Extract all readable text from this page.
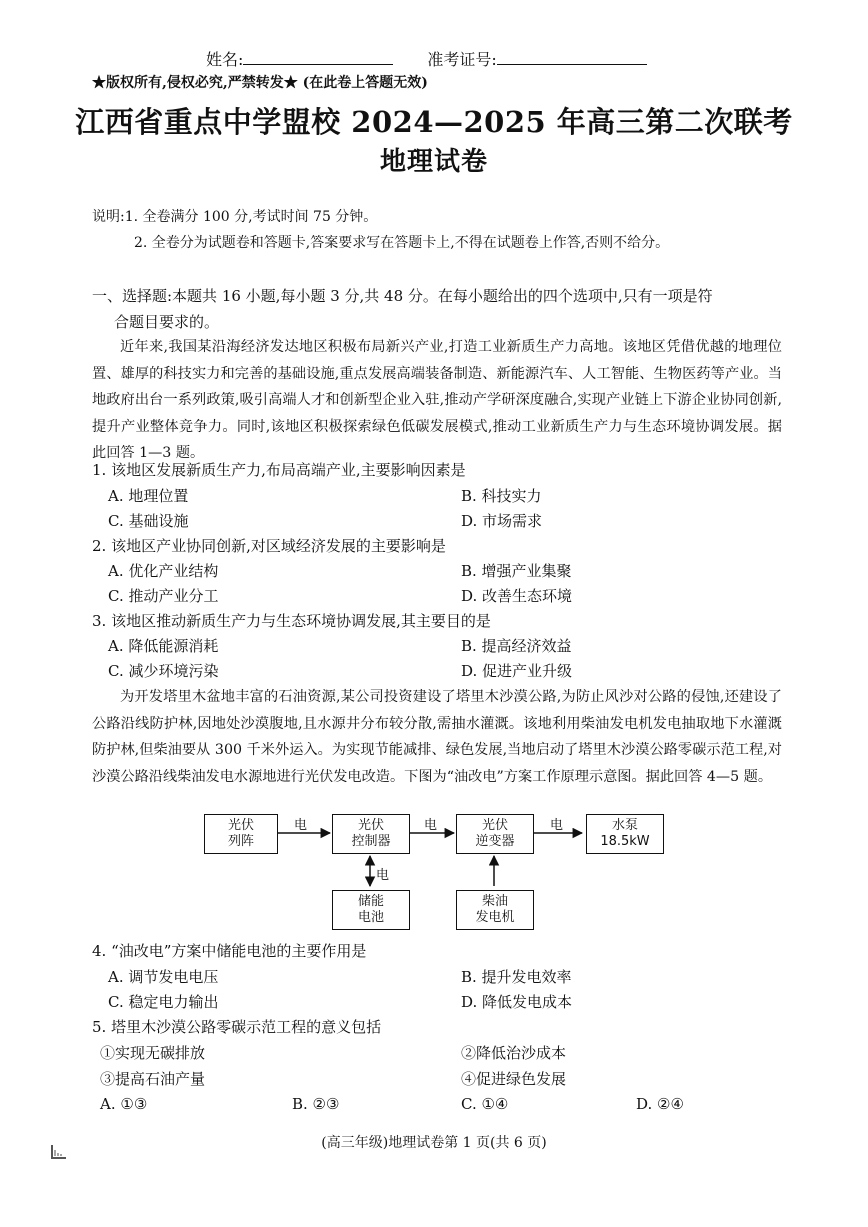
姓名:	准考证号:
★版权所有,侵权必究,严禁转发★ (在此卷上答题无效)
江西省重点中学盟校 2024—2025 年高三第二次联考
地理试卷
说明:1. 全卷满分 100 分,考试时间 75 分钟。
2. 全卷分为试题卷和答题卡,答案要求写在答题卡上,不得在试题卷上作答,否则不给分。
一、选择题:本题共 16 小题,每小题 3 分,共 48 分。在每小题给出的四个选项中,只有一项是符
合题目要求的。

近年来,我国某沿海经济发达地区积极布局新兴产业,打造工业新质生产力高地。该地区凭借优越的地理位置、雄厚的科技实力和完善的基础设施,重点发展高端装备制造、新能源汽车、人工智能、生物医药等产业。当地政府出台一系列政策,吸引高端人才和创新型企业入驻,推动产学研深度融合,实现产业链上下游企业协同创新,提升产业整体竞争力。同时,该地区积极探索绿色低碳发展模式,推动工业新质生产力与生态环境协调发展。据此回答 1—3 题。

1. 该地区发展新质生产力,布局高端产业,主要影响因素是
A. 地理位置	B. 科技实力
C. 基础设施	D. 市场需求
2. 该地区产业协同创新,对区域经济发展的主要影响是
A. 优化产业结构	B. 增强产业集聚
C. 推动产业分工	D. 改善生态环境
3. 该地区推动新质生产力与生态环境协调发展,其主要目的是
A. 降低能源消耗	B. 提高经济效益
C. 减少环境污染	D. 促进产业升级

为开发塔里木盆地丰富的石油资源,某公司投资建设了塔里木沙漠公路,为防止风沙对公路的侵蚀,还建设了公路沿线防护林,因地处沙漠腹地,且水源井分布较分散,需抽水灌溉。该地利用柴油发电机发电抽取地下水灌溉防护林,但柴油要从 300 千米外运入。为实现节能减排、绿色发展,当地启动了塔里木沙漠公路零碳示范工程,对沙漠公路沿线柴油发电水源地进行光伏发电改造。下图为“油改电”方案工作原理示意图。据此回答 4—5 题。

光伏
列阵
光伏
控制器
光伏
逆变器
水泵
18.5kW
储能
电池
柴油
发电机
电	电	电
电
4. “油改电”方案中储能电池的主要作用是
A. 调节发电电压	B. 提升发电效率
C. 稳定电力输出	D. 降低发电成本
5. 塔里木沙漠公路零碳示范工程的意义包括
①实现无碳排放	②降低治沙成本
③提高石油产量	④促进绿色发展
A. ①③	B. ②③	C. ①④	D. ②④
(高三年级)地理试卷第 1 页(共 6 页)
